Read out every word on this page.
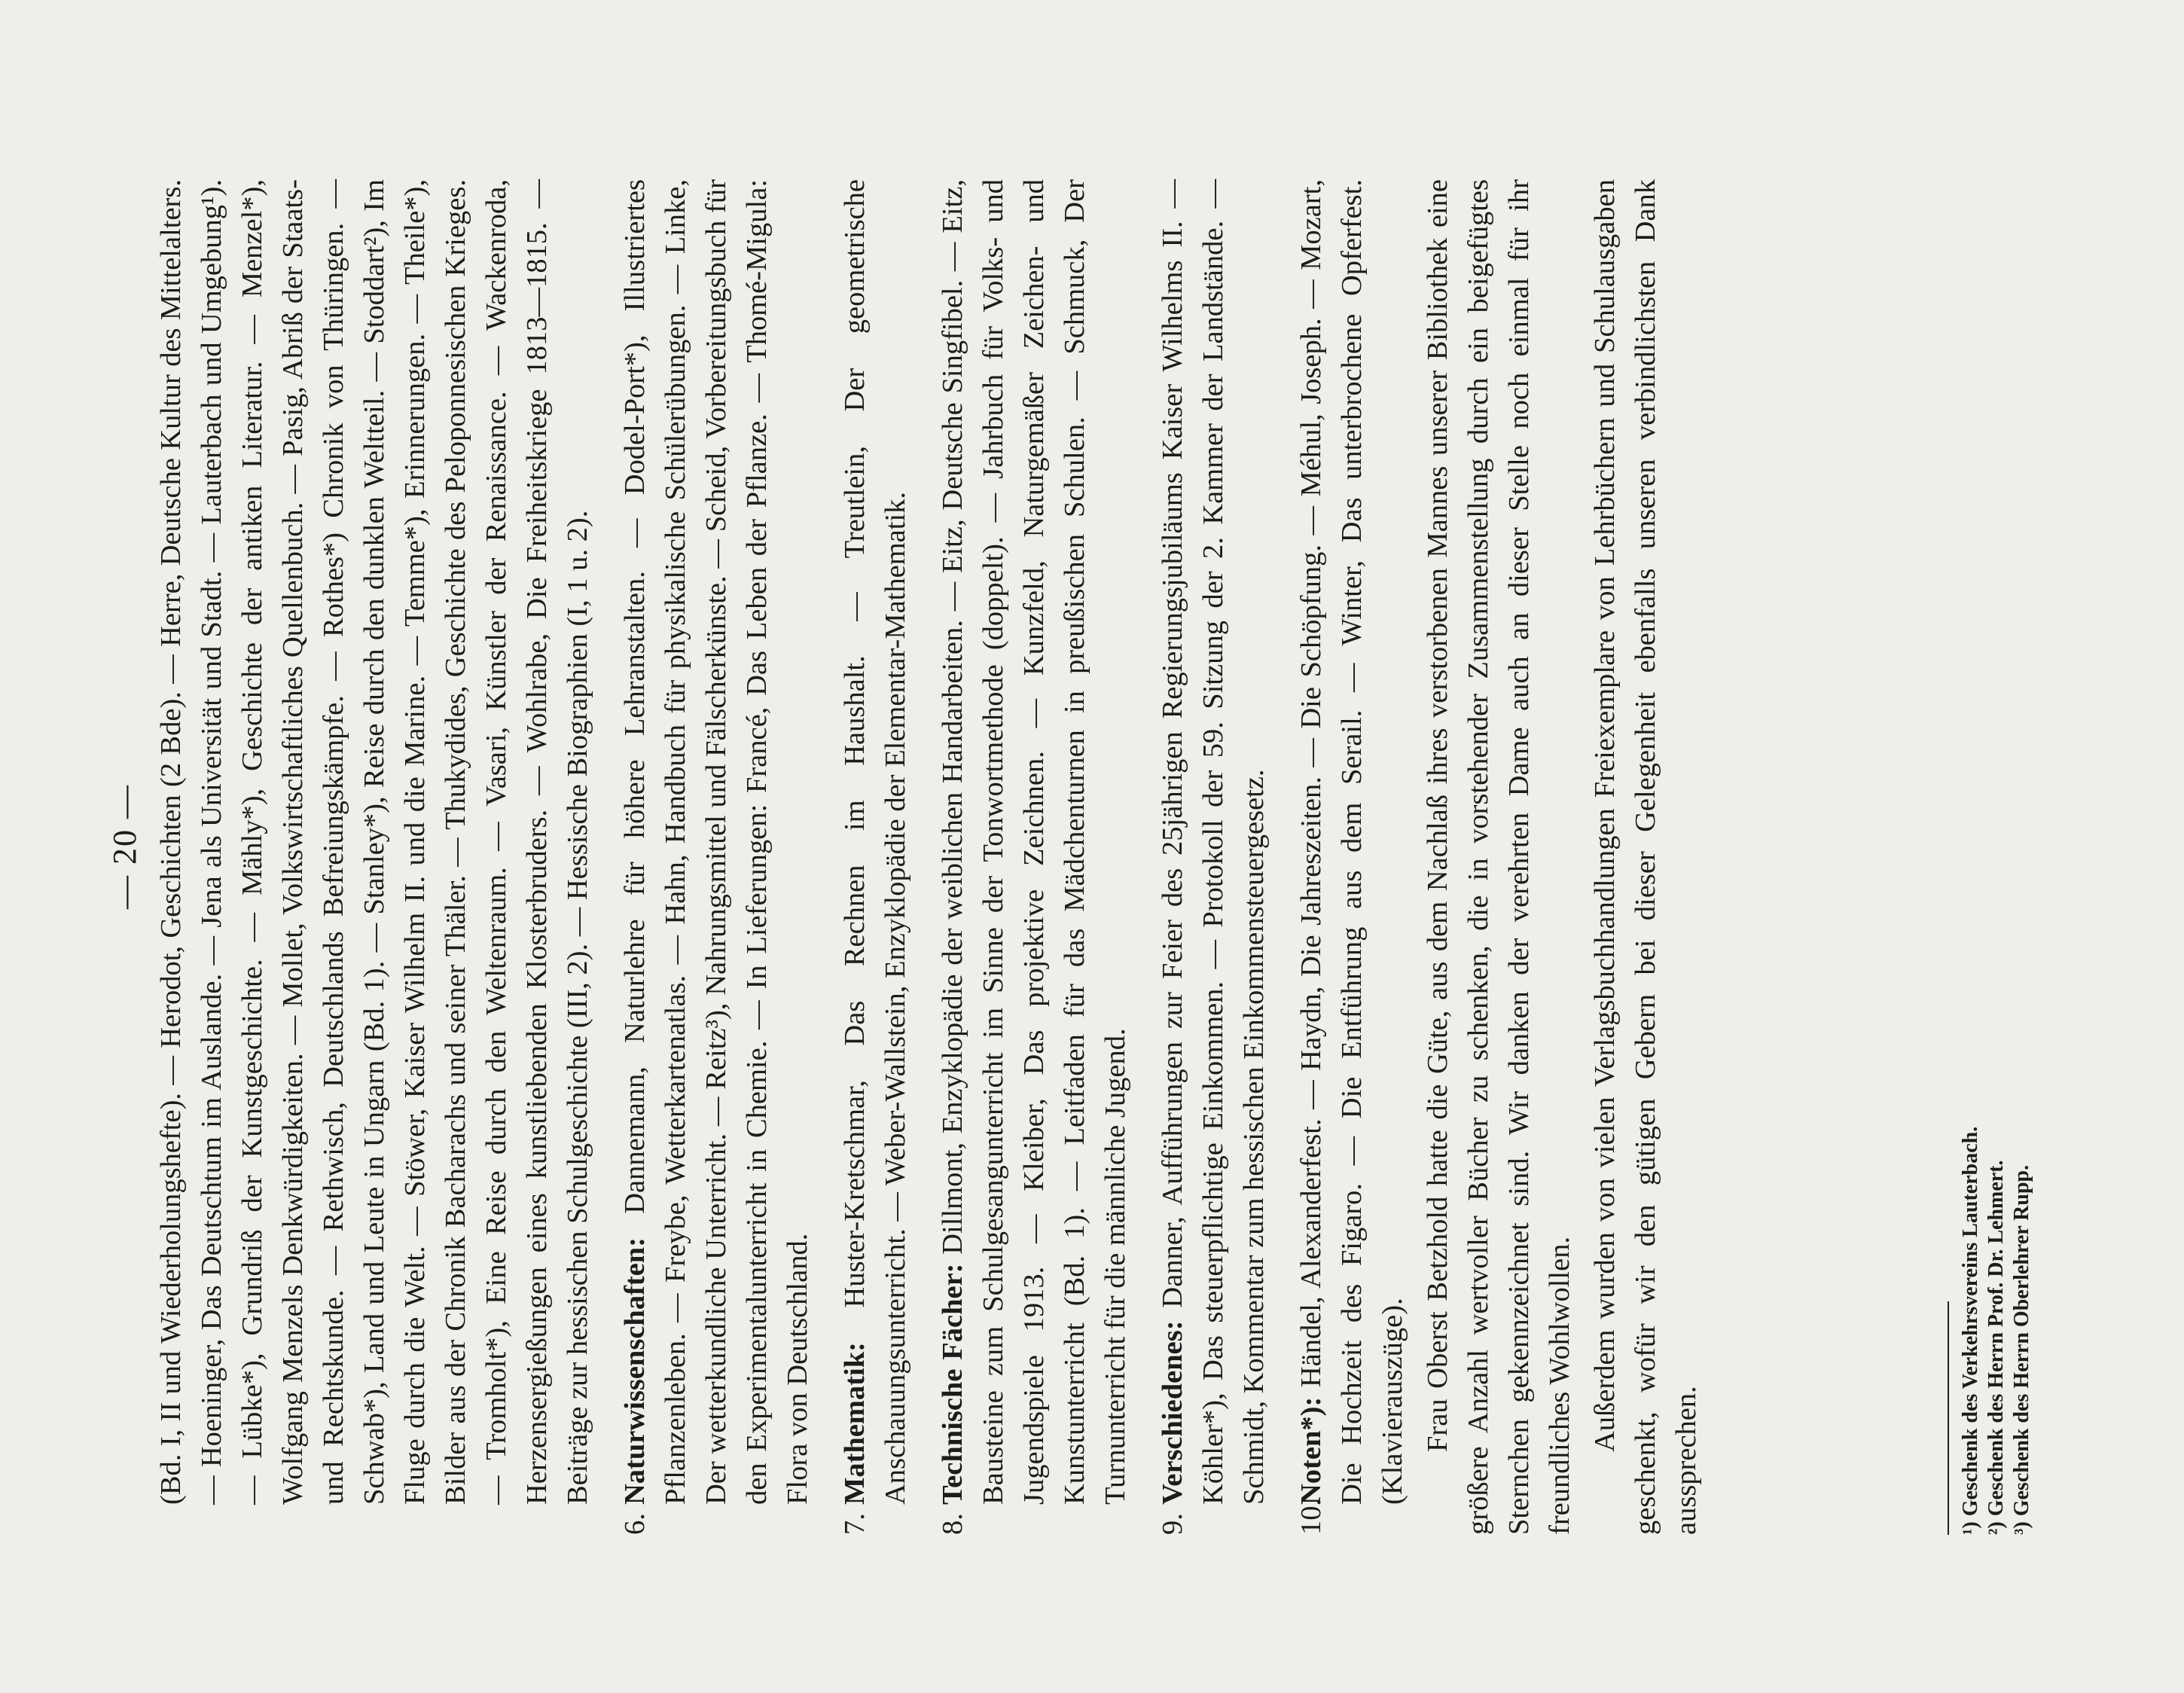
— 20 — (Bd. I, II und Wiederholungshefte). — Herodot, Geschichten (2 Bde). — Herre, Deutsche Kultur des Mittelalters. — Hoeninger, Das Deutschtum im Auslande. — Jena als Universität und Stadt. — Lauterbach und Umgebung¹). — Lübke*), Grundriß der Kunstgeschichte. — Mähly*), Geschichte der antiken Literatur. — Menzel*), Wolfgang Menzels Denkwürdigkeiten. — Mollet, Volkswirtschaftliches Quellenbuch. — Pasig, Abriß der Staats- und Rechtskunde. — Rethwisch, Deutschlands Befreiungskämpfe. — Rothes*) Chronik von Thüringen. — Schwab*), Land und Leute in Ungarn (Bd. 1). — Stanley*), Reise durch den dunklen Weltteil. — Stoddart²), Im Fluge durch die Welt. — Stöwer, Kaiser Wilhelm II. und die Marine. — Temme*), Erinnerungen. — Theile*), Bilder aus der Chronik Bacharachs und seiner Thäler. — Thukydides, Geschichte des Peloponnesischen Krieges. — Tromholt*), Eine Reise durch den Weltenraum. — Vasari, Künstler der Renaissance. — Wackenroda, Herzensergießungen eines kunstliebenden Klosterbruders. — Wohlrabe, Die Freiheitskriege 1813—1815. — Beiträge zur hessischen Schulgeschichte (III, 2). — Hessische Biographien (I, 1 u. 2).

6.
Naturwissenschaften: Dannemann, Naturlehre für höhere Lehranstalten. — Dodel-Port*), Illustriertes Pflanzenleben. — Freybe, Wetterkartenatlas. — Hahn, Handbuch für physikalische Schülerübungen. — Linke, Der wetterkundliche Unterricht. — Reitz³), Nahrungsmittel und Fälscherkünste. — Scheid, Vorbereitungsbuch für den Experimentalunterricht in Chemie. — In Lieferungen: Francé, Das Leben der Pflanze. — Thomé-Migula: Flora von Deutschland.
7.
Mathematik: Huster-Kretschmar, Das Rechnen im Haushalt. — Treutlein, Der geometrische Anschauungsunterricht. — Weber-Wallstein, Enzyklopädie der Elementar-Mathematik.
8.
Technische Fächer: Dillmont, Enzyklopädie der weiblichen Handarbeiten. — Eitz, Deutsche Singfibel. — Eitz, Bausteine zum Schulgesangunterricht im Sinne der Tonwortmethode (doppelt). — Jahrbuch für Volks- und Jugendspiele 1913. — Kleiber, Das projektive Zeichnen. — Kunzfeld, Naturgemäßer Zeichen- und Kunstunterricht (Bd. 1). — Leitfaden für das Mädchenturnen in preußischen Schulen. — Schmuck, Der Turnunterricht für die männliche Jugend.
9.
Verschiedenes: Danner, Aufführungen zur Feier des 25jährigen Regierungsjubiläums Kaiser Wilhelms II. — Köhler*), Das steuerpflichtige Einkommen. — Protokoll der 59. Sitzung der 2. Kammer der Landstände. — Schmidt, Kommentar zum hessischen Einkommensteuergesetz.
10.
Noten*): Händel, Alexanderfest. — Haydn, Die Jahreszeiten. — Die Schöpfung. — Méhul, Joseph. — Mozart, Die Hochzeit des Figaro. — Die Entführung aus dem Serail. — Winter, Das unterbrochene Opferfest. (Klavierauszüge). Frau Oberst Betzhold hatte die Güte, aus dem Nachlaß ihres verstorbenen Mannes unserer Bibliothek eine größere Anzahl wertvoller Bücher zu schenken, die in vorstehender Zusammenstellung durch ein beigefügtes Sternchen gekennzeichnet sind. Wir danken der verehrten Dame auch an dieser Stelle noch einmal für ihr freundliches Wohlwollen. Außerdem wurden von vielen Verlagsbuchhandlungen Freiexemplare von Lehrbüchern und Schulausgaben geschenkt, wofür wir den gütigen Gebern bei dieser Gelegenheit ebenfalls unseren verbindlichsten Dank aussprechen.	¹) Geschenk des Verkehrsvereins Lauterbach. ²) Geschenk des Herrn Prof. Dr. Lehmert. ³) Geschenk des Herrn Oberlehrer Rupp.
